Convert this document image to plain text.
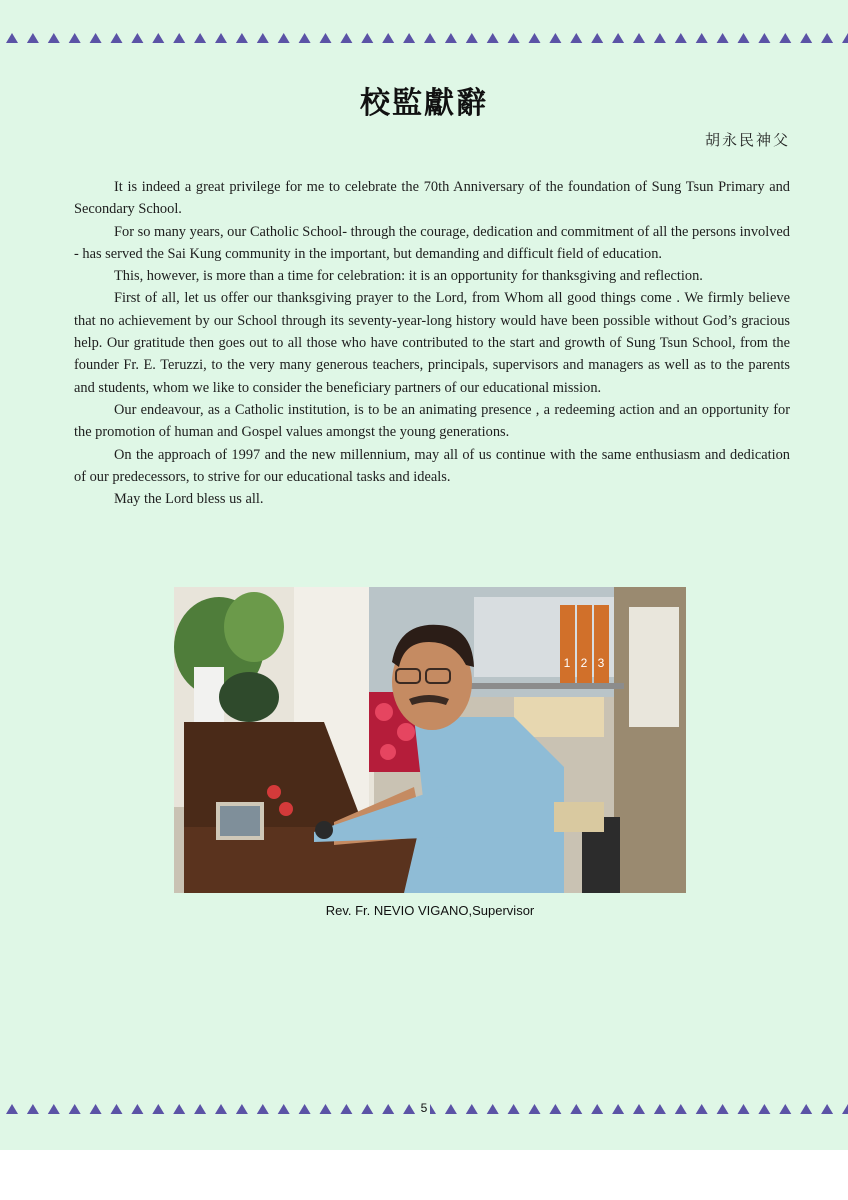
校監獻辭
胡永民神父

It is indeed a great privilege for me to celebrate the 70th Anniversary of the foundation of Sung Tsun Primary and Secondary School.

For so many years, our Catholic School- through the courage, dedication and commitment of all the persons involved - has served the Sai Kung community in the important, but demanding and difficult field of education.

This, however, is more than a time for celebration: it is an opportunity for thanksgiving and reflection.

First of all, let us offer our thanksgiving prayer to the Lord, from Whom all good things come . We firmly believe that no achievement by our School through its seventy-year-long history would have been possible without God’s gracious help. Our gratitude then goes out to all those who have contributed to the start and growth of Sung Tsun School, from the founder Fr. E. Teruzzi, to the very many generous teachers, principals, supervisors and managers as well as to the parents and students, whom we like to consider the beneficiary partners of our educational mission.

Our endeavour, as a Catholic institution, is to be an animating presence , a redeeming action and an opportunity for the promotion of human and Gospel values amongst the young generations.

On the approach of 1997 and the new millennium, may all of us continue with the same enthusiasm and dedication of our predecessors, to strive for our educational tasks and ideals.

May the Lord bless us all.

1 2 3
Rev. Fr. NEVIO VIGANO,Supervisor
5
